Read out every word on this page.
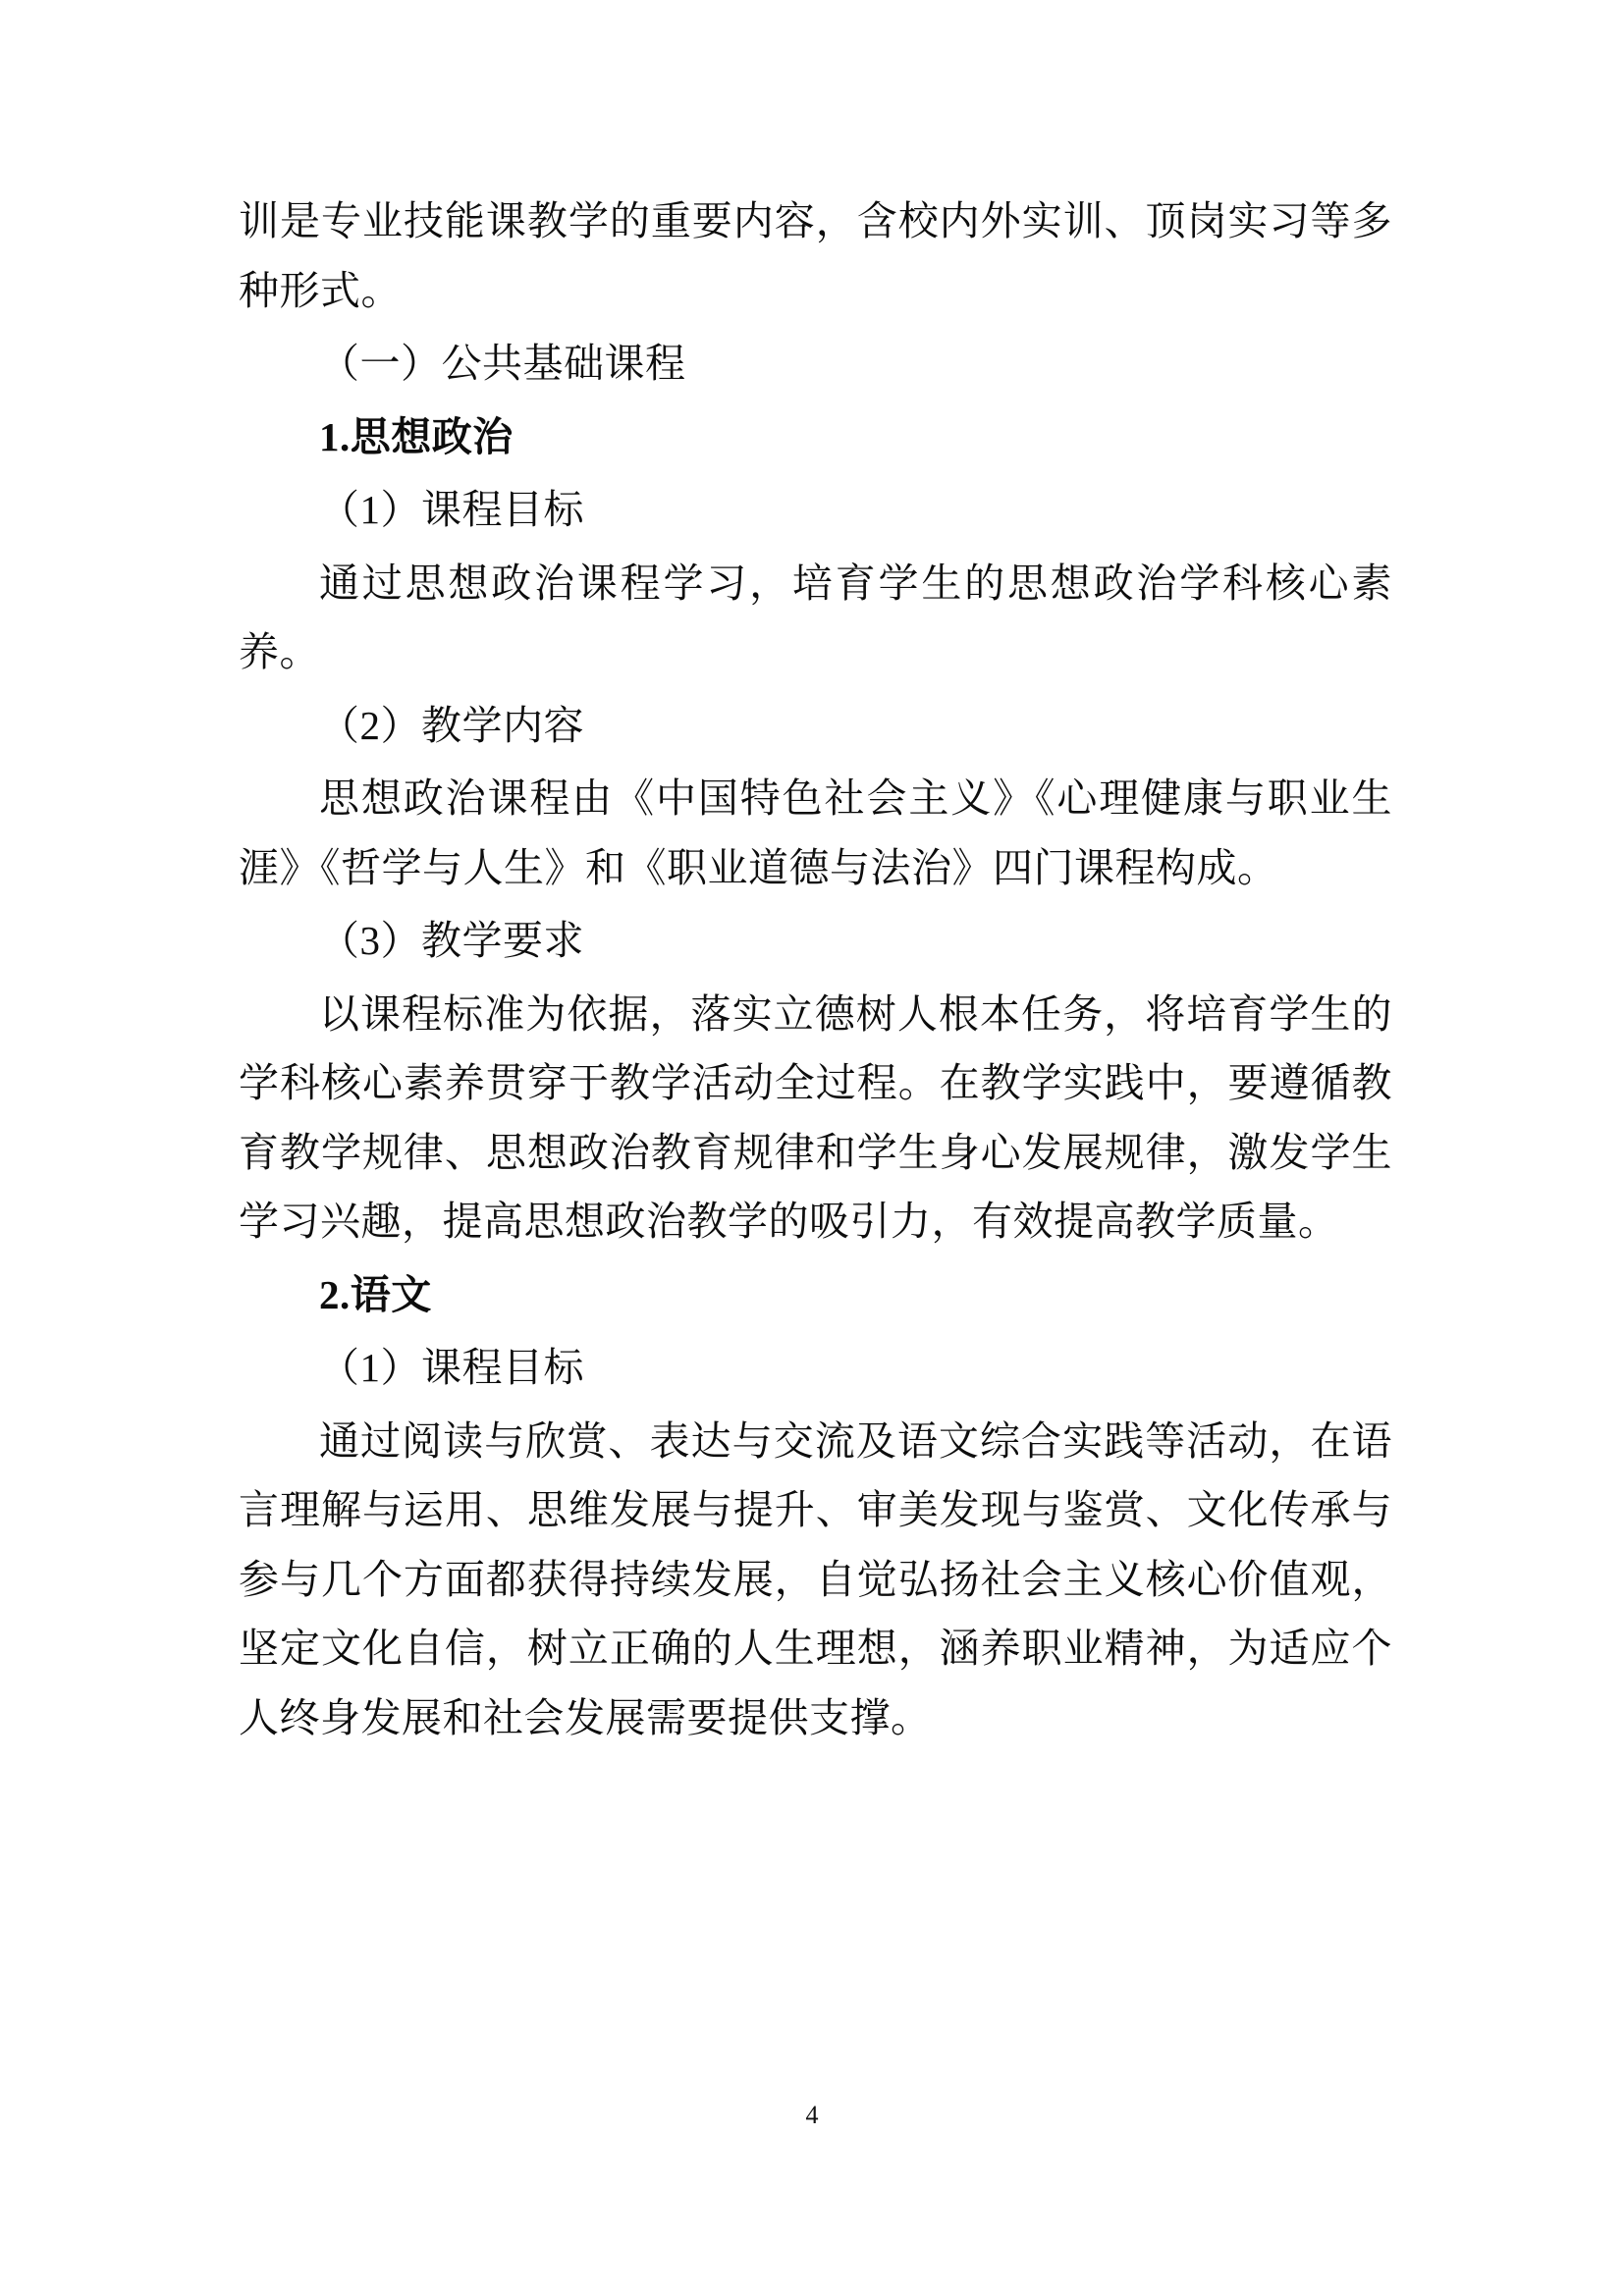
训是专业技能课教学的重要内容，含校内外实训、顶岗实习等多种形式。

（一）公共基础课程

1.思想政治

（1）课程目标

通过思想政治课程学习，培育学生的思想政治学科核心素养。

（2）教学内容

思想政治课程由《中国特色社会主义》《心理健康与职业生涯》《哲学与人生》和《职业道德与法治》四门课程构成。

（3）教学要求

以课程标准为依据，落实立德树人根本任务，将培育学生的学科核心素养贯穿于教学活动全过程。在教学实践中，要遵循教育教学规律、思想政治教育规律和学生身心发展规律，激发学生学习兴趣，提高思想政治教学的吸引力，有效提高教学质量。

2.语文

（1）课程目标

通过阅读与欣赏、表达与交流及语文综合实践等活动，在语言理解与运用、思维发展与提升、审美发现与鉴赏、文化传承与参与几个方面都获得持续发展，自觉弘扬社会主义核心价值观，坚定文化自信，树立正确的人生理想，涵养职业精神，为适应个人终身发展和社会发展需要提供支撑。

4
